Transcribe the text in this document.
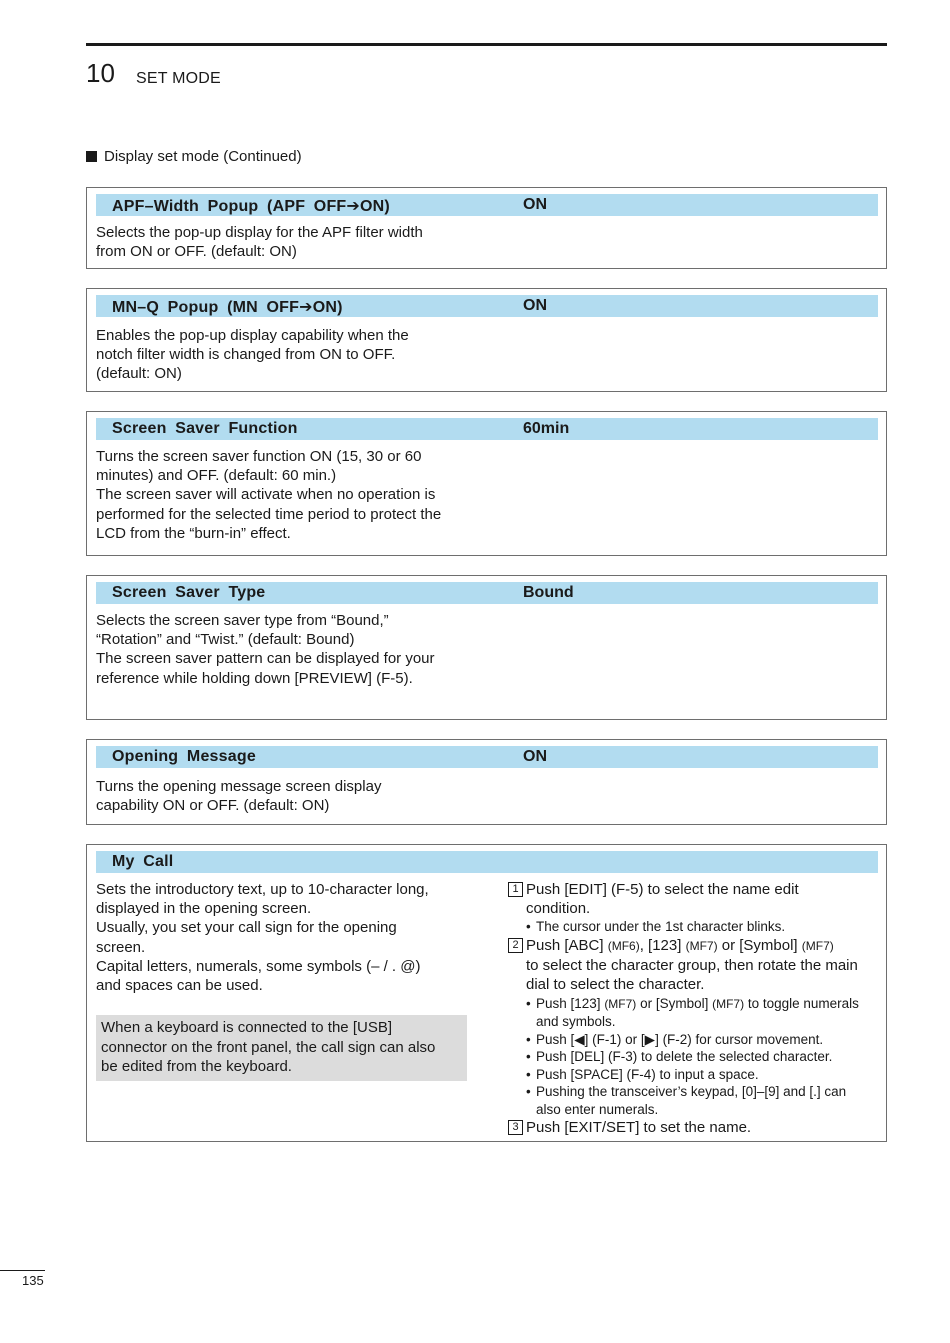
10 SET MODE
Display set mode (Continued)
APF–Width Popup (APF OFF➔ON)	ON

Selects the pop-up display for the APF filter width

from ON or OFF. (default: ON)

MN–Q Popup (MN OFF➔ON)	ON

Enables the pop-up display capability when the

notch filter width is changed from ON to OFF.

(default: ON)

Screen Saver Function	60min

Turns the screen saver function ON (15, 30 or 60

minutes) and OFF. (default: 60 min.)

The screen saver will activate when no operation is

performed for the selected time period to protect the

LCD from the “burn-in” effect.

Screen Saver Type	Bound

Selects the screen saver type from “Bound,”

“Rotation” and “Twist.” (default: Bound)

The screen saver pattern can be displayed for your

reference while holding down [PREVIEW] (F-5).

Opening Message	ON

Turns the opening message screen display

capability ON or OFF. (default: ON)

My Call

Sets the introductory text, up to 10-character long,

displayed in the opening screen.

Usually, you set your call sign for the opening

screen.

Capital letters, numerals, some symbols (– / . @)

and spaces can be used.

When a keyboard is connected to the [USB]
connector on the front panel, the call sign can also
be edited from the keyboard.
1 Push [EDIT] (F-5) to select the name edit
condition.
• The cursor under the 1st character blinks.
2 Push [ABC] (MF6), [123] (MF7) or [Symbol] (MF7)
to select the character group, then rotate the main
dial to select the character.
• Push [123] (MF7) or [Symbol] (MF7) to toggle numerals
and symbols.
• Push [◀] (F-1) or [▶] (F-2) for cursor movement.
• Push [DEL] (F-3) to delete the selected character.
• Push [SPACE] (F-4) to input a space.
• Pushing the transceiver’s keypad, [0]–[9] and [.] can
also enter numerals.
3 Push [EXIT/SET] to set the name.
135
